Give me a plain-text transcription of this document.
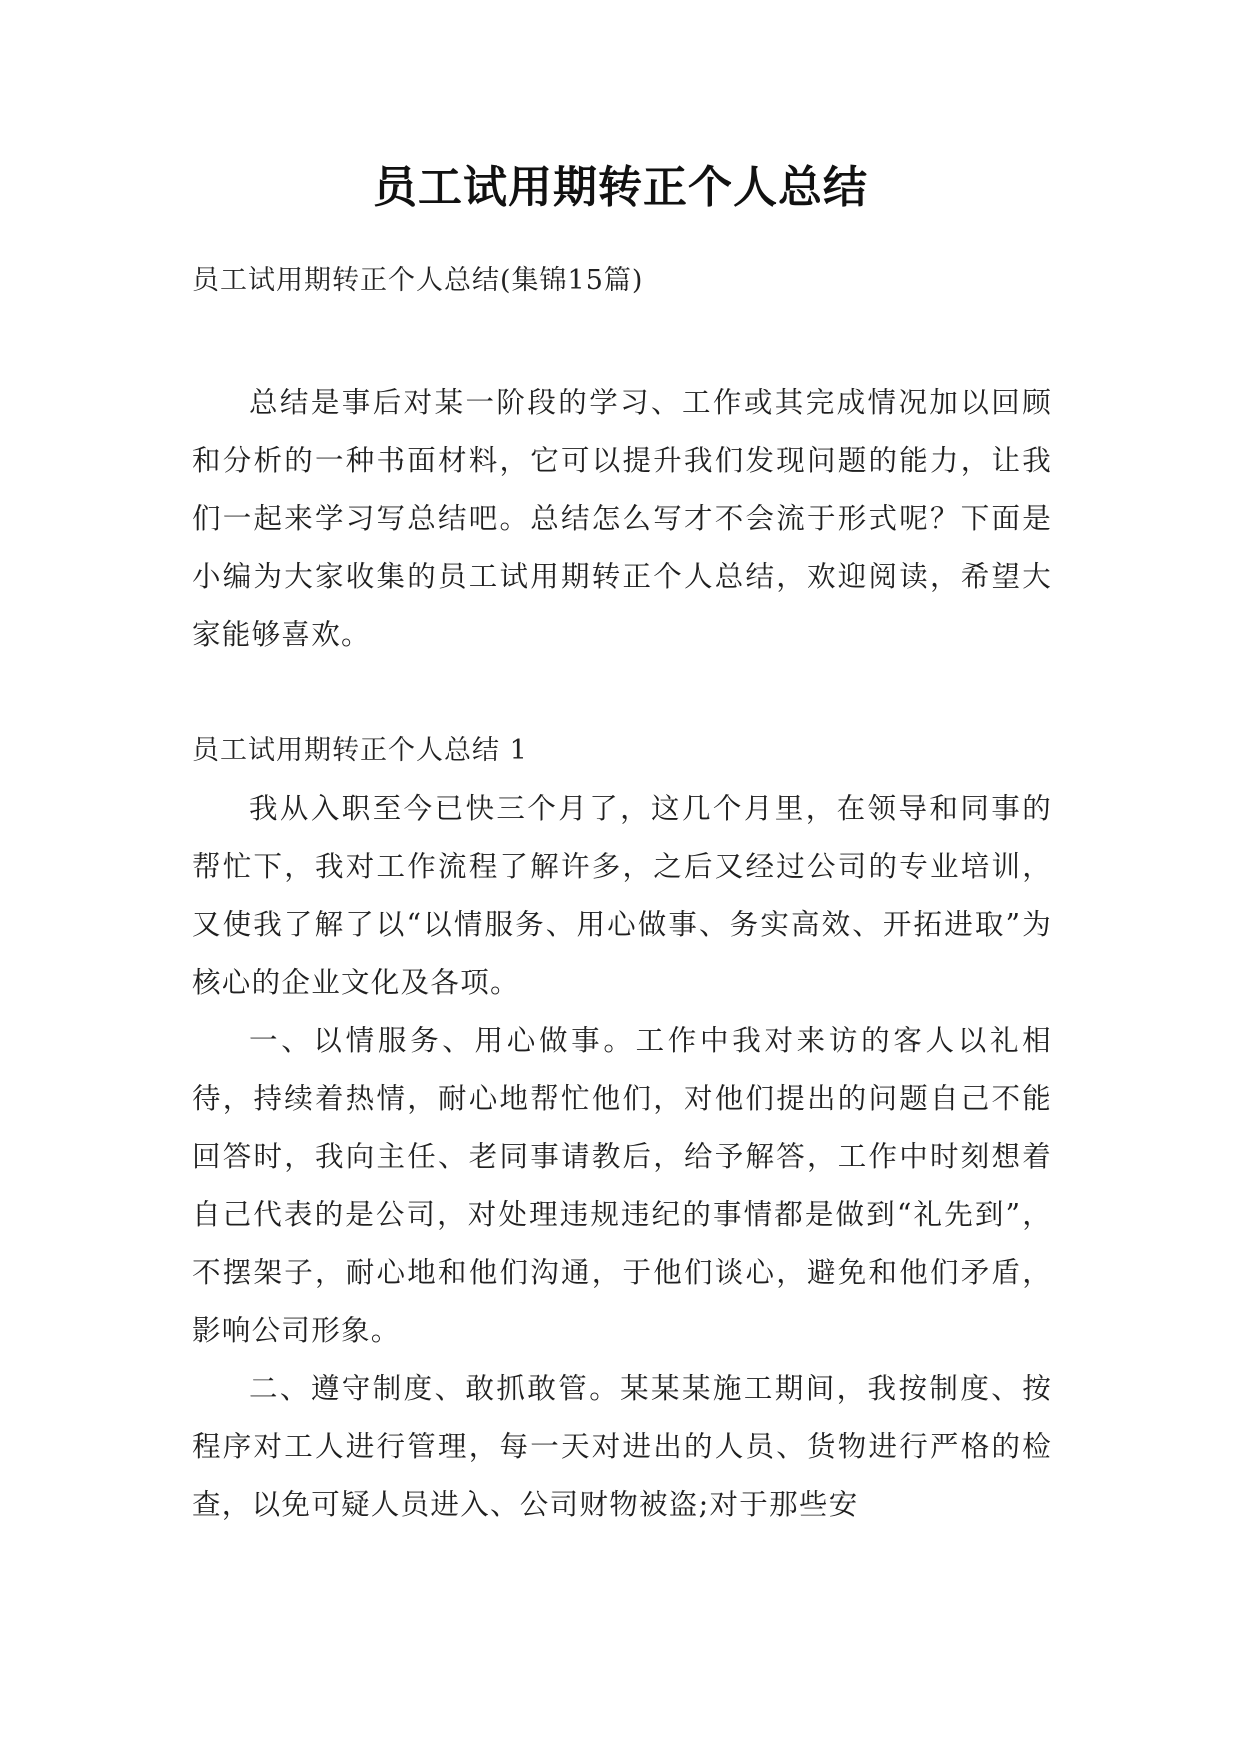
员工试用期转正个人总结

员工试用期转正个人总结(集锦15篇)

总结是事后对某一阶段的学习、工作或其完成情况加以回顾和分析的一种书面材料，它可以提升我们发现问题的能力，让我们一起来学习写总结吧。总结怎么写才不会流于形式呢？下面是小编为大家收集的员工试用期转正个人总结，欢迎阅读，希望大家能够喜欢。

员工试用期转正个人总结 1

我从入职至今已快三个月了，这几个月里，在领导和同事的帮忙下，我对工作流程了解许多，之后又经过公司的专业培训，又使我了解了以“以情服务、用心做事、务实高效、开拓进取”为核心的企业文化及各项。

一、以情服务、用心做事。工作中我对来访的客人以礼相待，持续着热情，耐心地帮忙他们，对他们提出的问题自己不能回答时，我向主任、老同事请教后，给予解答，工作中时刻想着自己代表的是公司，对处理违规违纪的事情都是做到“礼先到”，不摆架子，耐心地和他们沟通，于他们谈心，避免和他们矛盾，影响公司形象。

二、遵守制度、敢抓敢管。某某某施工期间，我按制度、按程序对工人进行管理，每一天对进出的人员、货物进行严格的检查，以免可疑人员进入、公司财物被盗;对于那些安
